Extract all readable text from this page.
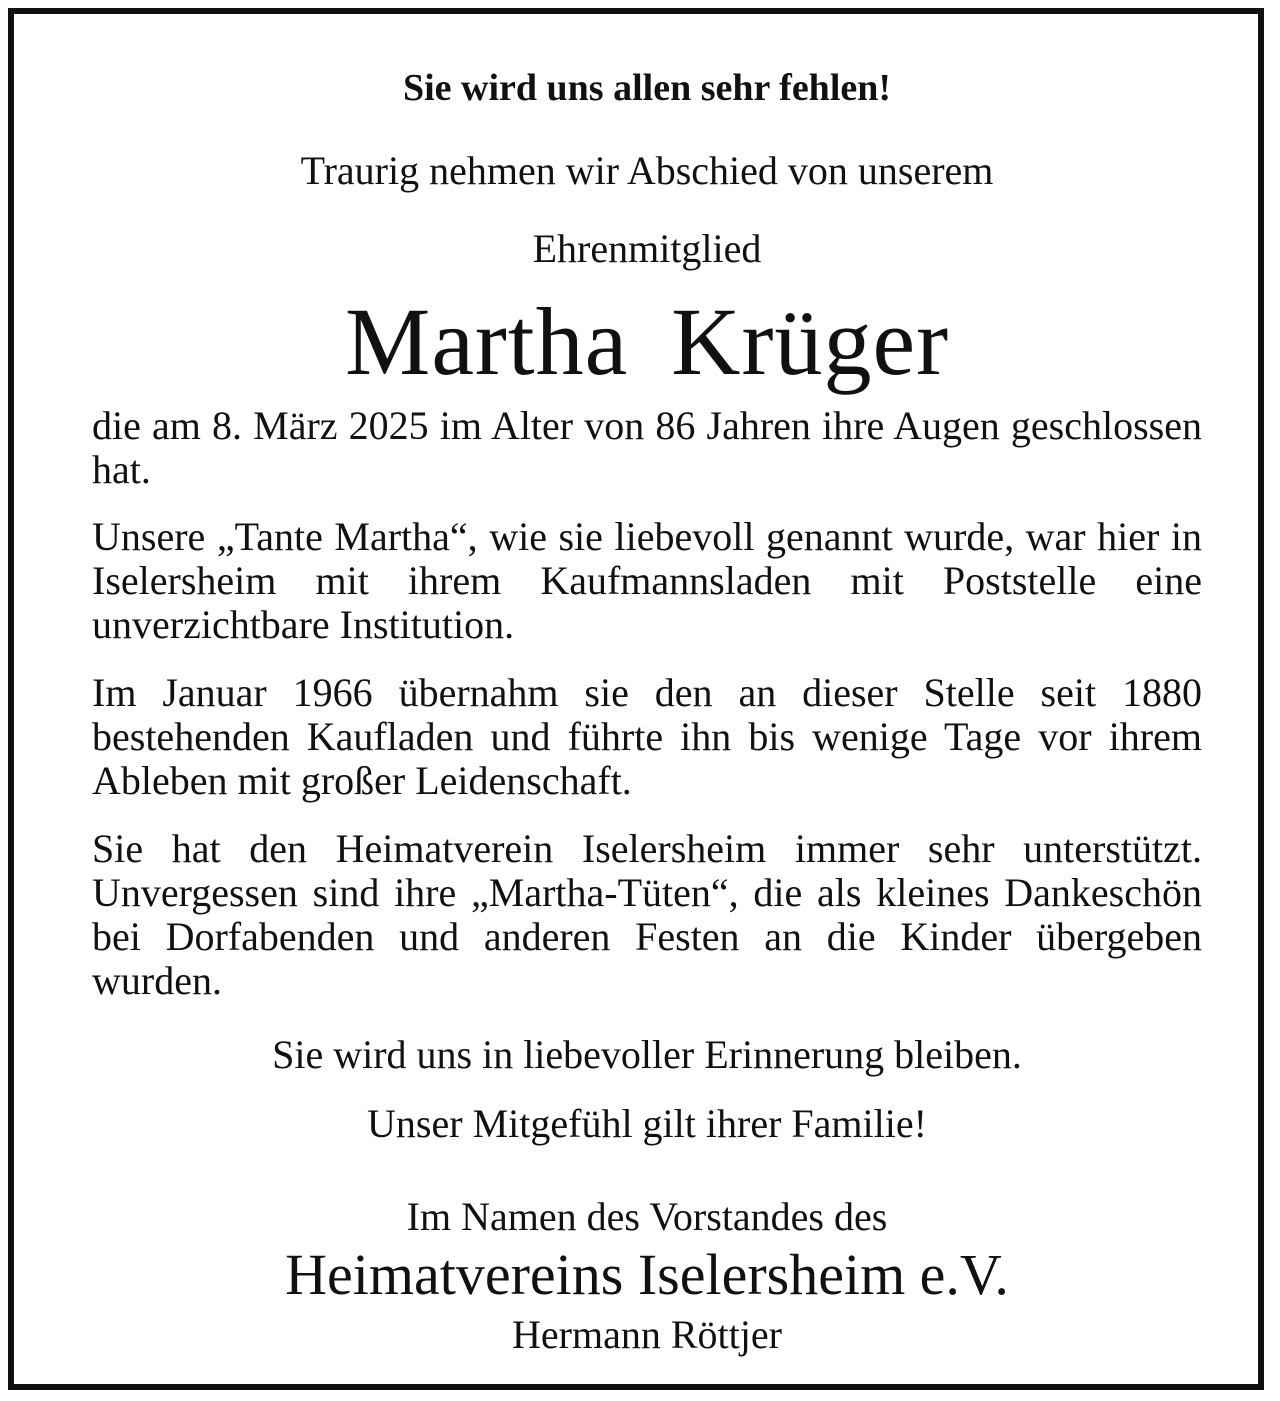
Sie wird uns allen sehr fehlen!
Traurig nehmen wir Abschied von unserem
Ehrenmitglied
Martha Krüger
die am 8. März 2025 im Alter von 86 Jahren ihre Augen geschlossen hat.
Unsere „Tante Martha“, wie sie liebevoll genannt wurde, war hier in Iselersheim mit ihrem Kaufmannsladen mit Poststelle eine unverzichtbare Institution.
Im Januar 1966 übernahm sie den an dieser Stelle seit 1880 bestehenden Kaufladen und führte ihn bis wenige Tage vor ihrem Ableben mit großer Leidenschaft.
Sie hat den Heimatverein Iselersheim immer sehr unterstützt. Unvergessen sind ihre „Martha-Tüten“, die als kleines Dankeschön bei Dorfabenden und anderen Festen an die Kinder übergeben wurden.
Sie wird uns in liebevoller Erinnerung bleiben.
Unser Mitgefühl gilt ihrer Familie!
Im Namen des Vorstandes des
Heimatvereins Iselersheim e.V.
Hermann Röttjer
